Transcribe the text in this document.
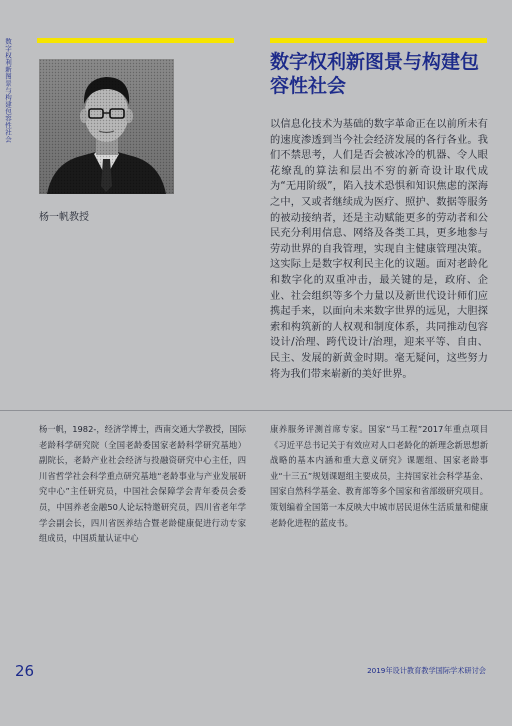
数字权利新图景与构建包容性社会
杨一帆教授
数字权利新图景与构建包容性社会
以信息化技术为基础的数字革命正在以前所未有的速度渗透到当今社会经济发展的各行各业。我们不禁思考，人们是否会被冰冷的机器、令人眼花缭乱的算法和层出不穷的新奇设计取代成为“无用阶级”，陷入技术恐惧和知识焦虑的深海之中，又或者继续成为医疗、照护、数据等服务的被动接纳者，还是主动赋能更多的劳动者和公民充分利用信息、网络及各类工具，更多地参与劳动世界的自我管理，实现自主健康管理决策。这实际上是数字权利民主化的议题。面对老龄化和数字化的双重冲击，最关键的是，政府、企业、社会组织等多个力量以及新世代设计师们应携起手来，以面向未来数字世界的远见，大胆探索和构筑新的人权观和制度体系，共同推动包容设计/治理、跨代设计/治理，迎来平等、自由、民主、发展的新黄金时期。毫无疑问，这些努力将为我们带来崭新的美好世界。
杨一帆，1982-，经济学博士，西南交通大学教授，国际老龄科学研究院（全国老龄委国家老龄科学研究基地）副院长，老龄产业社会经济与投融资研究中心主任，四川省哲学社会科学重点研究基地“老龄事业与产业发展研究中心”主任研究员，中国社会保障学会青年委员会委员，中国养老金融50人论坛特邀研究员，四川省老年学学会副会长，四川省医养结合暨老龄健康促进行动专家组成员，中国质量认证中心
康养服务评测首席专家。国家“马工程”2017年重点项目《习近平总书记关于有效应对人口老龄化的新理念新思想新战略的基本内涵和重大意义研究》课题组、国家老龄事业“十三五”规划课题组主要成员，主持国家社会科学基金、国家自然科学基金、教育部等多个国家和省部级研究项目。策划编着全国第一本反映大中城市居民退休生活质量和健康老龄化进程的蓝皮书。
26	2019年设计教育教学国际学术研讨会
